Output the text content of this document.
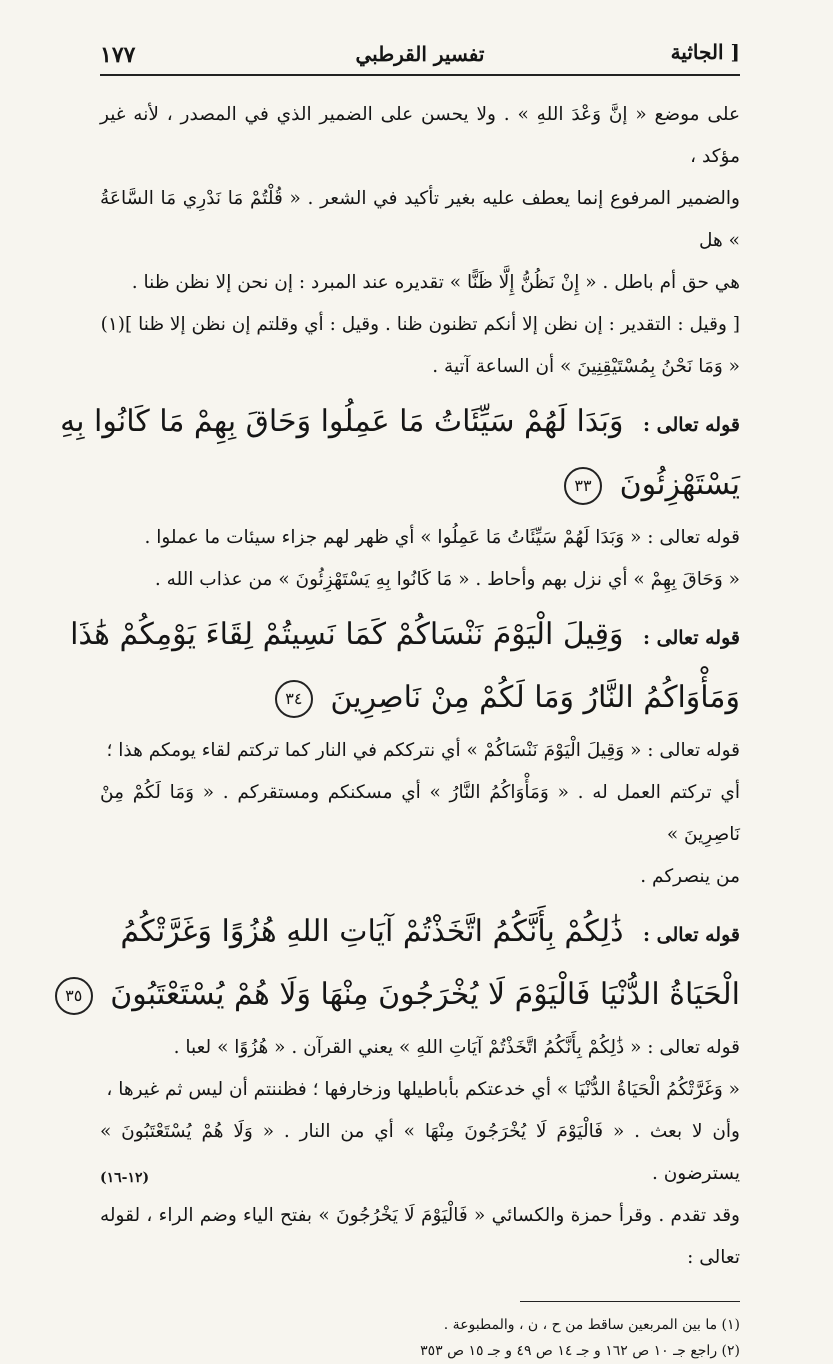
[ الجاثية
تفسير القرطبي
١٧٧

على موضع « إنَّ وَعْدَ اللهِ » . ولا يحسن على الضمير الذي في المصدر ، لأنه غير مؤكد ،

والضمير المرفوع إنما يعطف عليه بغير تأكيد في الشعر . « قُلْتُمْ مَا نَدْرِي مَا السَّاعَةُ » هل

هي حق أم باطل . « إِنْ نَظُنُّ إِلَّا ظَنًّا » تقديره عند المبرد : إن نحن إلا نظن ظنا .

[ وقيل : التقدير : إن نظن إلا أنكم تظنون ظنا . وقيل : أي وقلتم إن نظن إلا ظنا ](١)

« وَمَا نَحْنُ بِمُسْتَيْقِنِينَ » أن الساعة آتية .

قوله تعالى : وَبَدَا لَهُمْ سَيِّئَاتُ مَا عَمِلُوا وَحَاقَ بِهِمْ مَا كَانُوا بِهِ
يَسْتَهْزِئُونَ ٣٣

قوله تعالى : « وَبَدَا لَهُمْ سَيِّئَاتُ مَا عَمِلُوا » أي ظهر لهم جزاء سيئات ما عملوا .

« وَحَاقَ بِهِمْ » أي نزل بهم وأحاط . « مَا كَانُوا بِهِ يَسْتَهْزِئُونَ » من عذاب الله .

قوله تعالى : وَقِيلَ الْيَوْمَ نَنْسَاكُمْ كَمَا نَسِيتُمْ لِقَاءَ يَوْمِكُمْ هَٰذَا
وَمَأْوَاكُمُ النَّارُ وَمَا لَكُمْ مِنْ نَاصِرِينَ ٣٤

قوله تعالى : « وَقِيلَ الْيَوْمَ نَنْسَاكُمْ » أي نترككم في النار كما تركتم لقاء يومكم هذا ؛

أي تركتم العمل له . « وَمَأْوَاكُمُ النَّارُ » أي مسكنكم ومستقركم . « وَمَا لَكُمْ مِنْ نَاصِرِينَ »

من ينصركم .

قوله تعالى : ذَٰلِكُمْ بِأَنَّكُمُ اتَّخَذْتُمْ آيَاتِ اللهِ هُزُوًا وَغَرَّتْكُمُ
الْحَيَاةُ الدُّنْيَا فَالْيَوْمَ لَا يُخْرَجُونَ مِنْهَا وَلَا هُمْ يُسْتَعْتَبُونَ ٣٥

قوله تعالى : « ذَٰلِكُمْ بِأَنَّكُمُ اتَّخَذْتُمْ آيَاتِ اللهِ » يعني القرآن . « هُزُوًا » لعبا .

« وَغَرَّتْكُمُ الْحَيَاةُ الدُّنْيَا » أي خدعتكم بأباطيلها وزخارفها ؛ فظننتم أن ليس ثم غيرها ،

وأن لا بعث . « فَالْيَوْمَ لَا يُخْرَجُونَ مِنْهَا » أي من النار . « وَلَا هُمْ يُسْتَعْتَبُونَ » يسترضون .

وقد تقدم . وقرأ حمزة والكسائي « فَالْيَوْمَ لَا يَخْرُجُونَ » بفتح الياء وضم الراء ، لقوله تعالى :

(١) ما بين المربعين ساقط من ح ، ن ، والمطبوعة .

(٢) راجع جـ ١٠ ص ١٦٢ و جـ ١٤ ص ٤٩ و جـ ١٥ ص ٣٥٣

(١٢-١٦)
